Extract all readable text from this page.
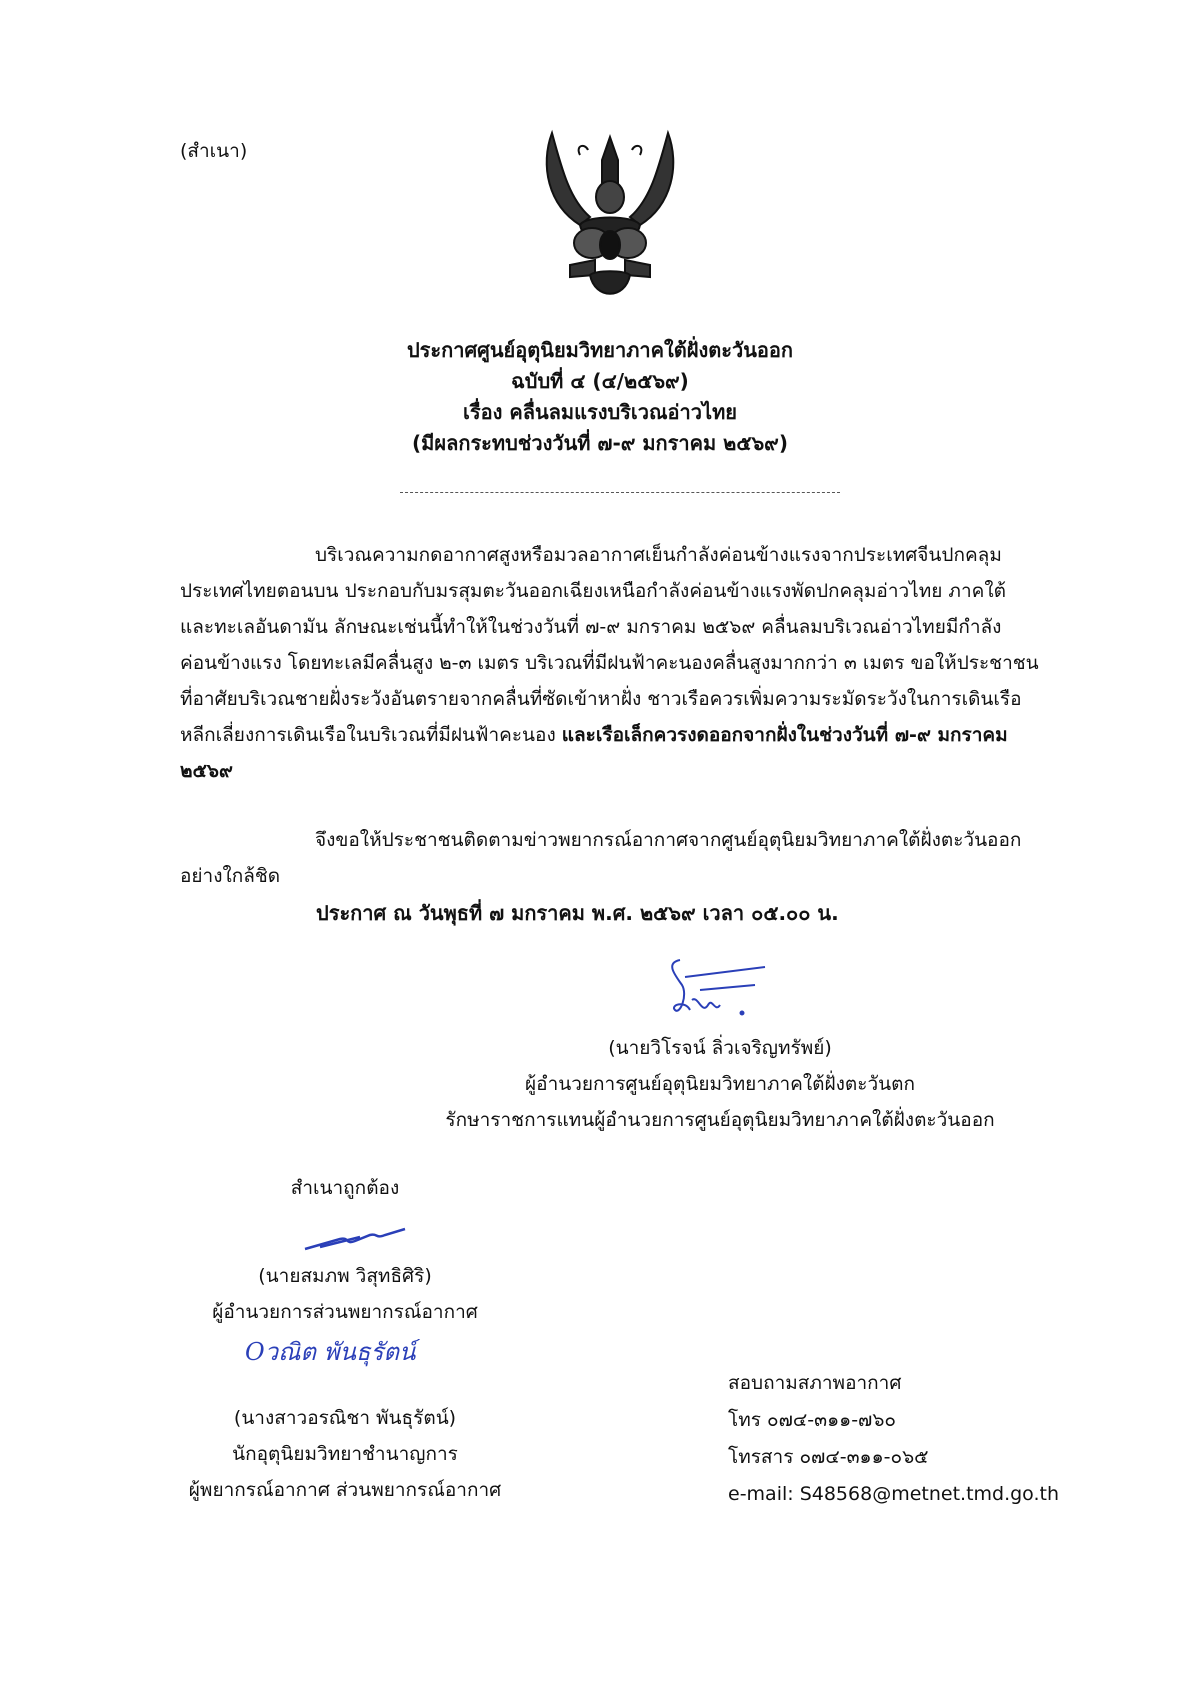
(สำเนา)
ประกาศศูนย์อุตุนิยมวิทยาภาคใต้ฝั่งตะวันออก
ฉบับที่ ๔ (๔/๒๕๖๙)
เรื่อง คลื่นลมแรงบริเวณอ่าวไทย
(มีผลกระทบช่วงวันที่ ๗-๙ มกราคม ๒๕๖๙)
บริเวณความกดอากาศสูงหรือมวลอากาศเย็นกำลังค่อนข้างแรงจากประเทศจีนปกคลุม
ประเทศไทยตอนบน ประกอบกับมรสุมตะวันออกเฉียงเหนือกำลังค่อนข้างแรงพัดปกคลุมอ่าวไทย ภาคใต้
และทะเลอันดามัน ลักษณะเช่นนี้ทำให้ในช่วงวันที่ ๗-๙ มกราคม ๒๕๖๙ คลื่นลมบริเวณอ่าวไทยมีกำลัง
ค่อนข้างแรง โดยทะเลมีคลื่นสูง ๒-๓ เมตร บริเวณที่มีฝนฟ้าคะนองคลื่นสูงมากกว่า ๓ เมตร ขอให้ประชาชน
ที่อาศัยบริเวณชายฝั่งระวังอันตรายจากคลื่นที่ซัดเข้าหาฝั่ง ชาวเรือควรเพิ่มความระมัดระวังในการเดินเรือ
หลีกเลี่ยงการเดินเรือในบริเวณที่มีฝนฟ้าคะนอง และเรือเล็กควรงดออกจากฝั่งในช่วงวันที่ ๗-๙ มกราคม
๒๕๖๙
จึงขอให้ประชาชนติดตามข่าวพยากรณ์อากาศจากศูนย์อุตุนิยมวิทยาภาคใต้ฝั่งตะวันออก
อย่างใกล้ชิด
ประกาศ ณ วันพุธที่ ๗ มกราคม พ.ศ. ๒๕๖๙ เวลา ๐๕.๐๐ น.
(นายวิโรจน์ ลิ่วเจริญทรัพย์)
ผู้อำนวยการศูนย์อุตุนิยมวิทยาภาคใต้ฝั่งตะวันตก
รักษาราชการแทนผู้อำนวยการศูนย์อุตุนิยมวิทยาภาคใต้ฝั่งตะวันออก
สำเนาถูกต้อง
(นายสมภพ วิสุทธิศิริ)
ผู้อำนวยการส่วนพยากรณ์อากาศ
Oวณิต พันธุรัตน์
(นางสาวอรณิชา พันธุรัตน์)
นักอุตุนิยมวิทยาชำนาญการ
ผู้พยากรณ์อากาศ ส่วนพยากรณ์อากาศ
สอบถามสภาพอากาศ
โทร ๐๗๔-๓๑๑-๗๖๐
โทรสาร ๐๗๔-๓๑๑-๐๖๕
e-mail: S48568@metnet.tmd.go.th
